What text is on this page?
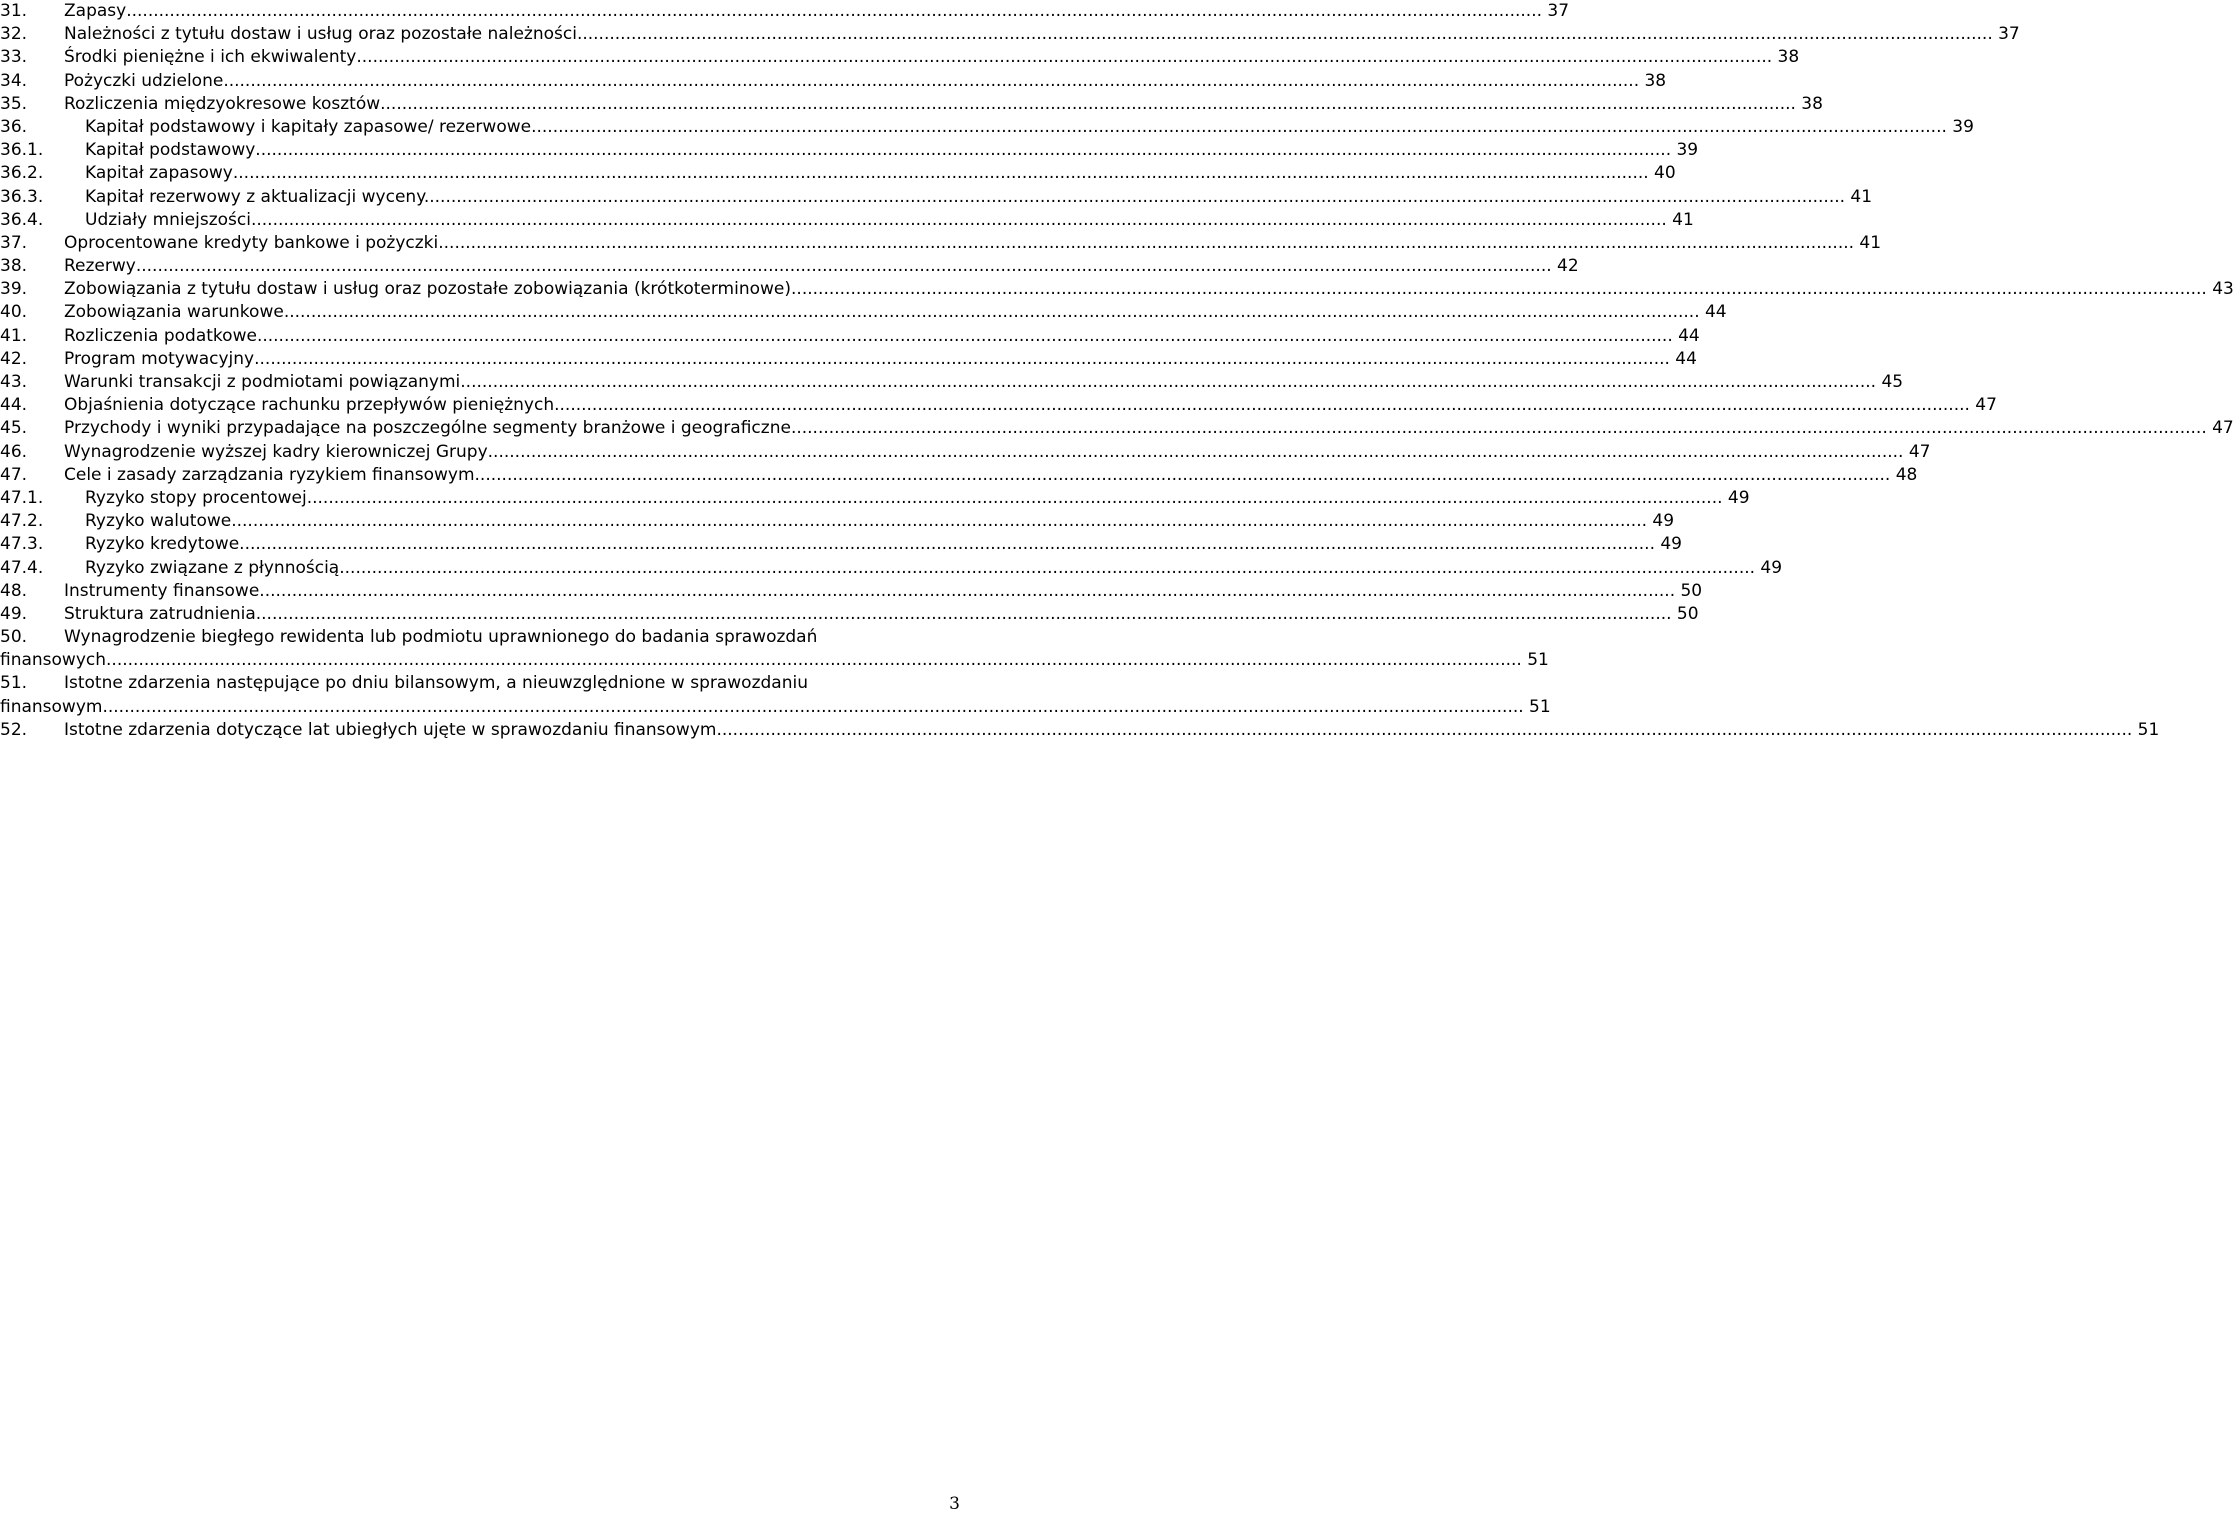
31.	Zapasy .....	37
32.	Należności z tytułu dostaw i usług oraz pozostałe należności .....	37
33.	Środki pieniężne i ich ekwiwalenty .....	38
34.	Pożyczki udzielone .....	38
35.	Rozliczenia międzyokresowe kosztów .....	38
36.	Kapitał podstawowy i kapitały zapasowe/ rezerwowe .....	39
36.1.	Kapitał podstawowy .....	39
36.2.	Kapitał zapasowy .....	40
36.3.	Kapitał rezerwowy z aktualizacji wyceny. .....	41
36.4.	Udziały mniejszości .....	41
37.	Oprocentowane kredyty bankowe i pożyczki .....	41
38.	Rezerwy .....	42
39.	Zobowiązania z tytułu dostaw i usług oraz pozostałe zobowiązania (krótkoterminowe) .....	43
40.	Zobowiązania warunkowe .....	44
41.	Rozliczenia podatkowe .....	44
42.	Program motywacyjny .....	44
43.	Warunki transakcji z podmiotami powiązanymi .....	45
44.	Objaśnienia dotyczące rachunku przepływów pieniężnych .....	47
45.	Przychody i wyniki przypadające na poszczególne segmenty branżowe i geograficzne .....	47
46.	Wynagrodzenie wyższej kadry kierowniczej Grupy .....	47
47.	Cele i zasady zarządzania ryzykiem finansowym .....	48
47.1.	Ryzyko stopy procentowej .....	49
47.2.	Ryzyko walutowe .....	49
47.3.	Ryzyko kredytowe .....	49
47.4.	Ryzyko związane z płynnością .....	49
48.	Instrumenty finansowe .....	50
49.	Struktura zatrudnienia .....	50
50.	Wynagrodzenie biegłego rewidenta lub podmiotu uprawnionego do badania sprawozdań
finansowych .....	51
51.	Istotne zdarzenia następujące po dniu bilansowym, a nieuwzględnione w sprawozdaniu
finansowym. .....	51
52.	Istotne zdarzenia dotyczące lat ubiegłych ujęte w sprawozdaniu finansowym .....	51
3
